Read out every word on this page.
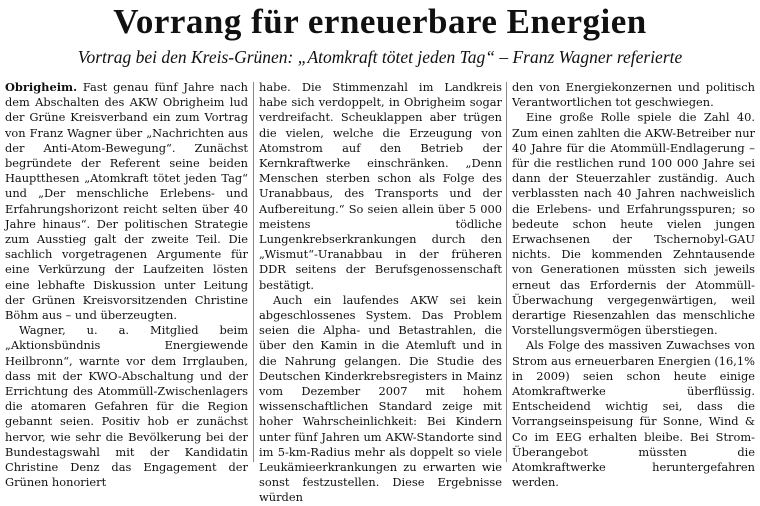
Vorrang für erneuerbare Energien
Vortrag bei den Kreis-Grünen: „Atomkraft tötet jeden Tag“ – Franz Wagner referierte

Obrigheim. Fast genau fünf Jahre nach dem Abschalten des AKW Obrigheim lud der Grüne Kreisverband ein zum Vortrag von Franz Wagner über „Nachrichten aus der Anti-Atom-Bewegung“. Zunächst begründete der Referent seine beiden Hauptthesen „Atomkraft tötet jeden Tag“ und „Der menschliche Erlebens- und Erfahrungshorizont reicht selten über 40 Jahre hinaus“. Der politischen Strategie zum Ausstieg galt der zweite Teil. Die sachlich vorgetragenen Argumente für eine Verkürzung der Laufzeiten lösten eine lebhafte Diskussion unter Leitung der Grünen Kreisvorsitzenden Christine Böhm aus – und überzeugten.

Wagner, u. a. Mitglied beim „Aktionsbündnis Energiewende Heilbronn“, warnte vor dem Irrglauben, dass mit der KWO-Abschaltung und der Errichtung des Atommüll-Zwischenlagers die atomaren Gefahren für die Region gebannt seien. Positiv hob er zunächst hervor, wie sehr die Bevölkerung bei der Bundestagswahl mit der Kandidatin Christine Denz das Engagement der Grünen honoriert

habe. Die Stimmenzahl im Landkreis habe sich verdoppelt, in Obrigheim sogar verdreifacht. Scheuklappen aber trügen die vielen, welche die Erzeugung von Atomstrom auf den Betrieb der Kernkraftwerke einschränken. „Denn Menschen sterben schon als Folge des Uranabbaus, des Transports und der Aufbereitung.“ So seien allein über 5 000 meistens tödliche Lungenkrebserkrankungen durch den „Wismut“-Uranabbau in der früheren DDR seitens der Berufsgenossenschaft bestätigt.

Auch ein laufendes AKW sei kein abgeschlossenes System. Das Problem seien die Alpha- und Betastrahlen, die über den Kamin in die Atemluft und in die Nahrung gelangen. Die Studie des Deutschen Kinderkrebsregisters in Mainz vom Dezember 2007 mit hohem wissenschaftlichen Standard zeige mit hoher Wahrscheinlichkeit: Bei Kindern unter fünf Jahren um AKW-Standorte sind im 5-km-Radius mehr als doppelt so viele Leukämieerkrankungen zu erwarten wie sonst festzustellen. Diese Ergebnisse würden

den von Energiekonzernen und politisch Verantwortlichen tot geschwiegen.

Eine große Rolle spiele die Zahl 40. Zum einen zahlten die AKW-Betreiber nur 40 Jahre für die Atommüll-Endlagerung – für die restlichen rund 100 000 Jahre sei dann der Steuerzahler zuständig. Auch verblassten nach 40 Jahren nachweislich die Erlebens- und Erfahrungsspuren; so bedeute schon heute vielen jungen Erwachsenen der Tschernobyl-GAU nichts. Die kommenden Zehntausende von Generationen müssten sich jeweils erneut das Erfordernis der Atommüll-Überwachung vergegenwärtigen, weil derartige Riesenzahlen das menschliche Vorstellungsvermögen überstiegen.

Als Folge des massiven Zuwachses von Strom aus erneuerbaren Energien (16,1% in 2009) seien schon heute einige Atomkraftwerke überflüssig. Entscheidend wichtig sei, dass die Vorrangseinspeisung für Sonne, Wind & Co im EEG erhalten bleibe. Bei Strom-Überangebot müssten die Atomkraftwerke heruntergefahren werden.
